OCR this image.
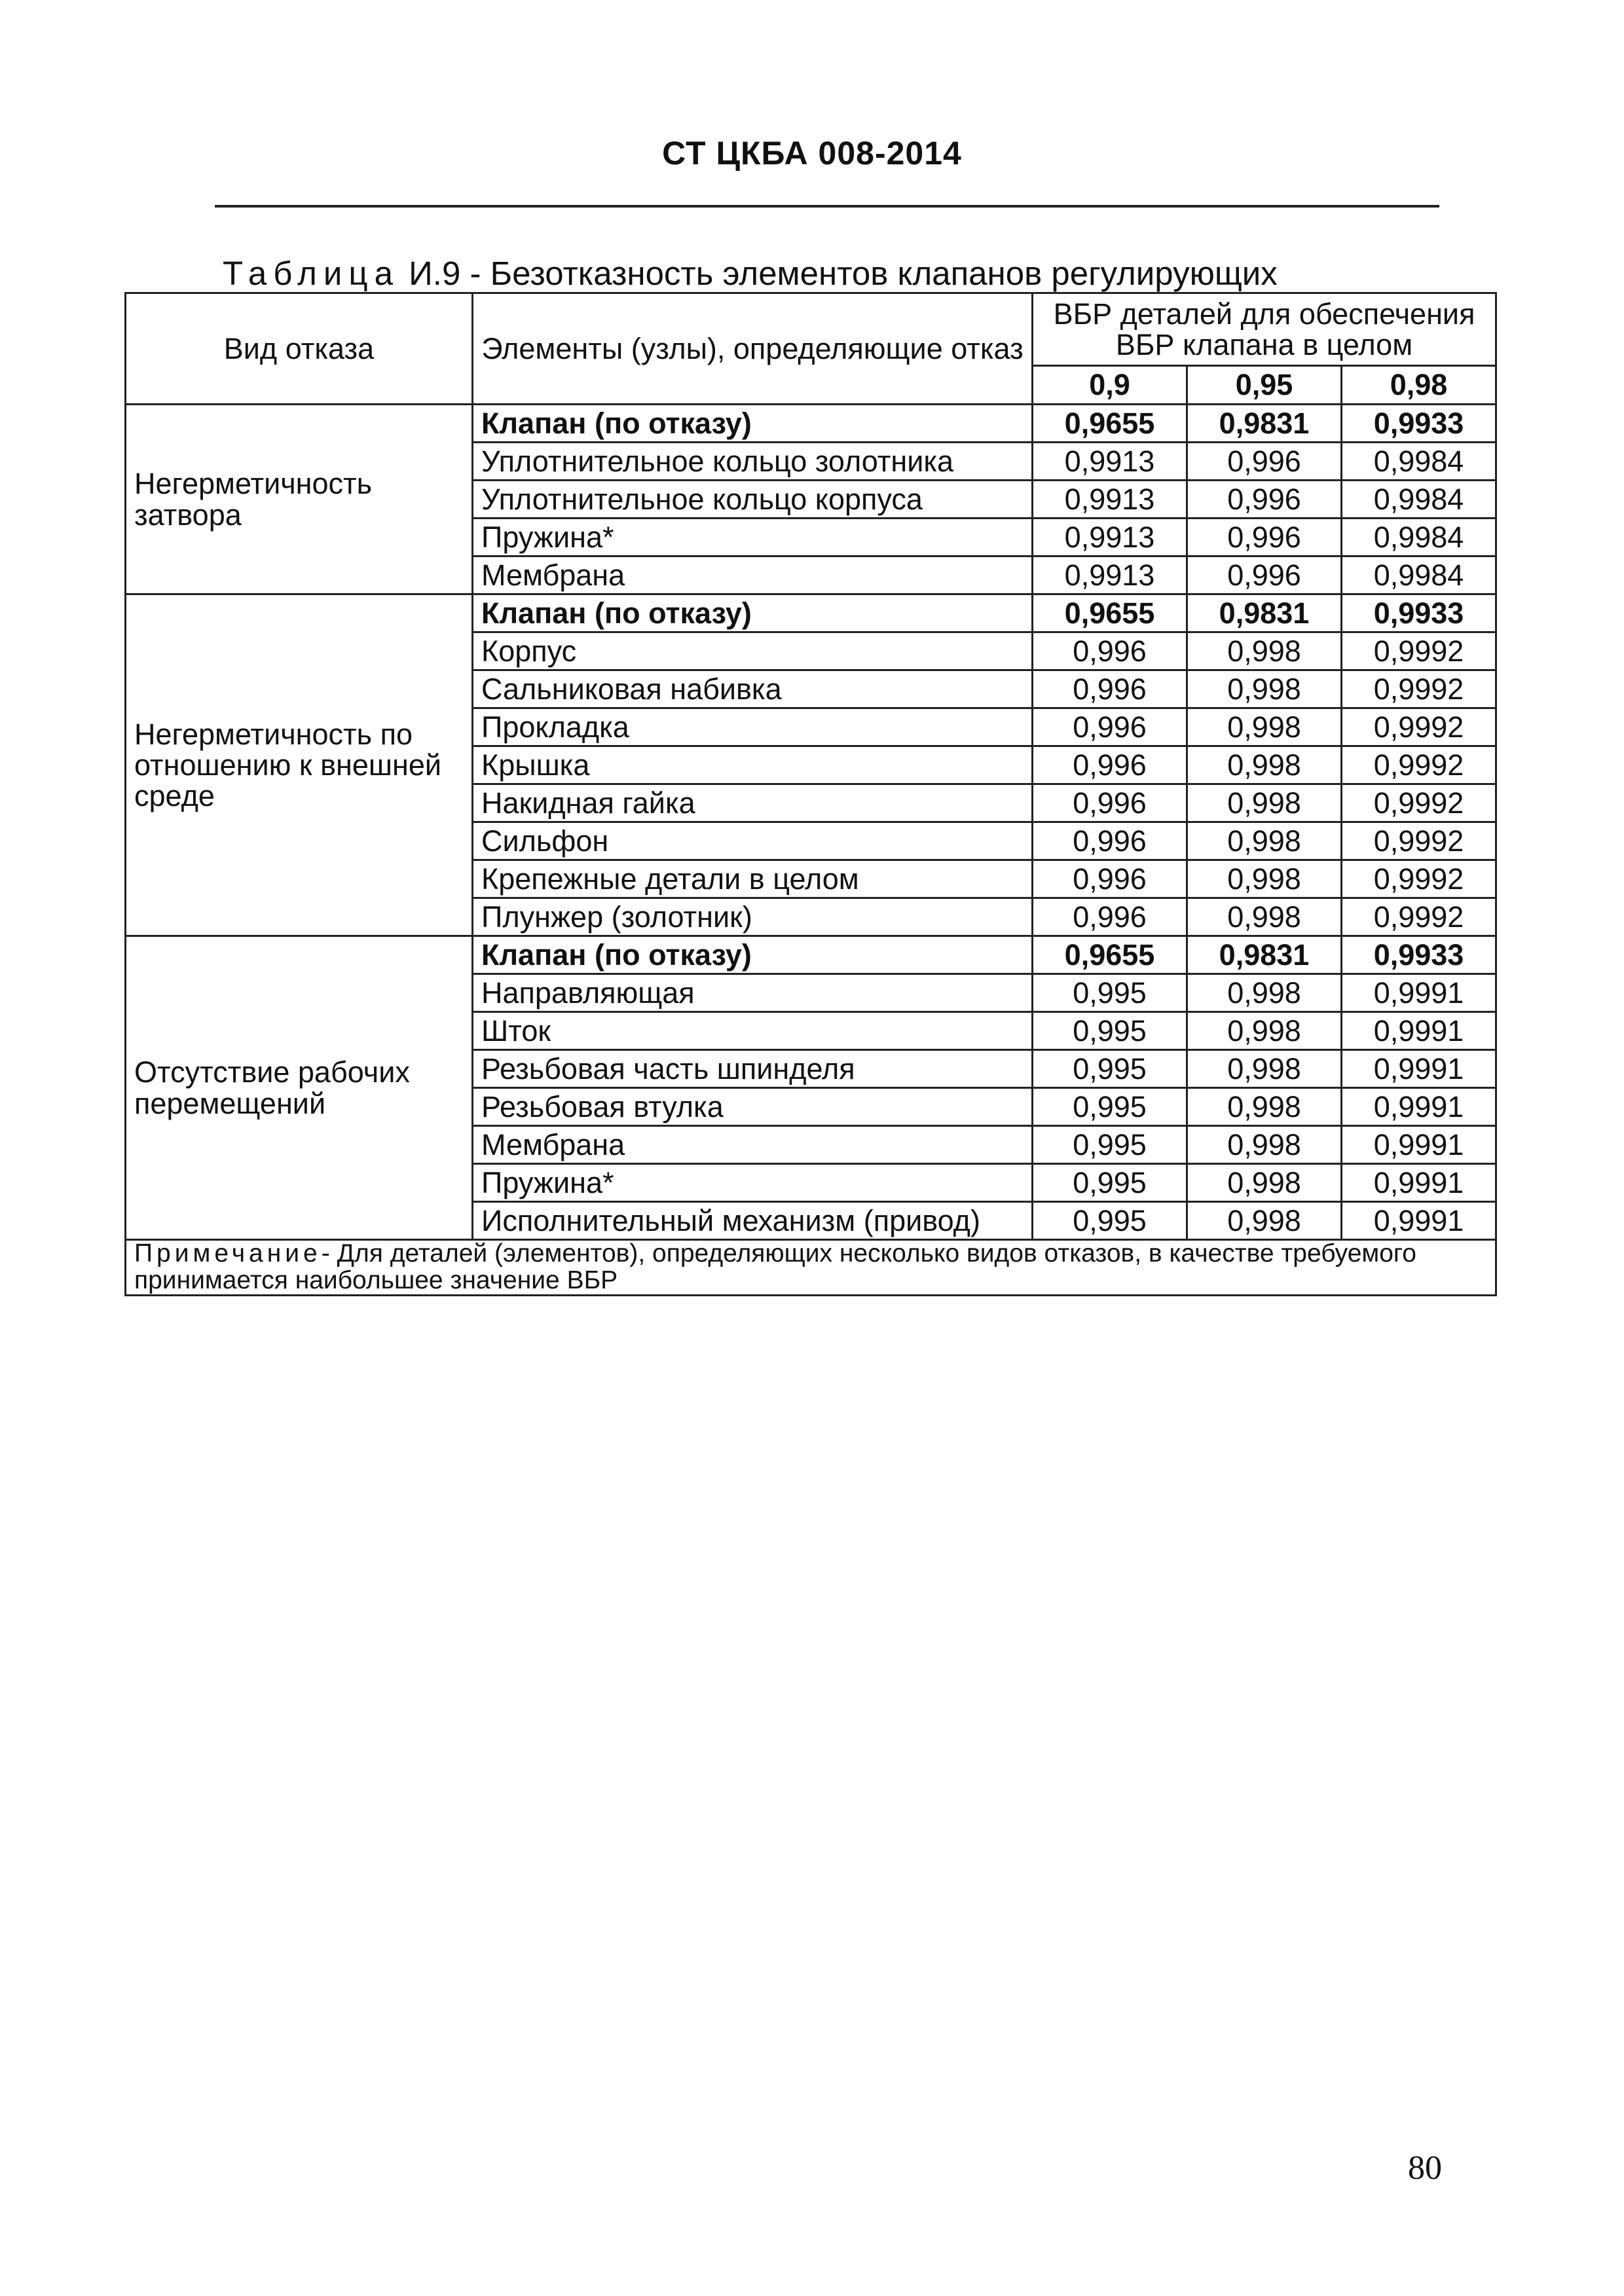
СТ ЦКБА 008-2014
Таблица И.9 - Безотказность элементов клапанов регулирующих
Вид отказа	Элементы (узлы), определяющие отказ	ВБР деталей для обеспечения ВБР клапана в целом		
		0,9	0,95	0,98
Негерметичность затвора	Клапан (по отказу)	0,9655	0,9831	0,9933
	Уплотнительное кольцо золотника	0,9913	0,996	0,9984
	Уплотнительное кольцо корпуса	0,9913	0,996	0,9984
	Пружина*	0,9913	0,996	0,9984
	Мембрана	0,9913	0,996	0,9984
Негерметичность по отношению к внешней среде	Клапан (по отказу)	0,9655	0,9831	0,9933
	Корпус	0,996	0,998	0,9992
	Сальниковая набивка	0,996	0,998	0,9992
	Прокладка	0,996	0,998	0,9992
	Крышка	0,996	0,998	0,9992
	Накидная гайка	0,996	0,998	0,9992
	Сильфон	0,996	0,998	0,9992
	Крепежные детали в целом	0,996	0,998	0,9992
	Плунжер (золотник)	0,996	0,998	0,9992
Отсутствие рабочих перемещений	Клапан (по отказу)	0,9655	0,9831	0,9933
	Направляющая	0,995	0,998	0,9991
	Шток	0,995	0,998	0,9991
	Резьбовая часть шпинделя	0,995	0,998	0,9991
	Резьбовая втулка	0,995	0,998	0,9991
	Мембрана	0,995	0,998	0,9991
	Пружина*	0,995	0,998	0,9991
	Исполнительный механизм (привод)	0,995	0,998	0,9991
Примечание- Для деталей (элементов), определяющих несколько видов отказов, в качестве требуемого принимается наибольшее значение ВБР				
80
